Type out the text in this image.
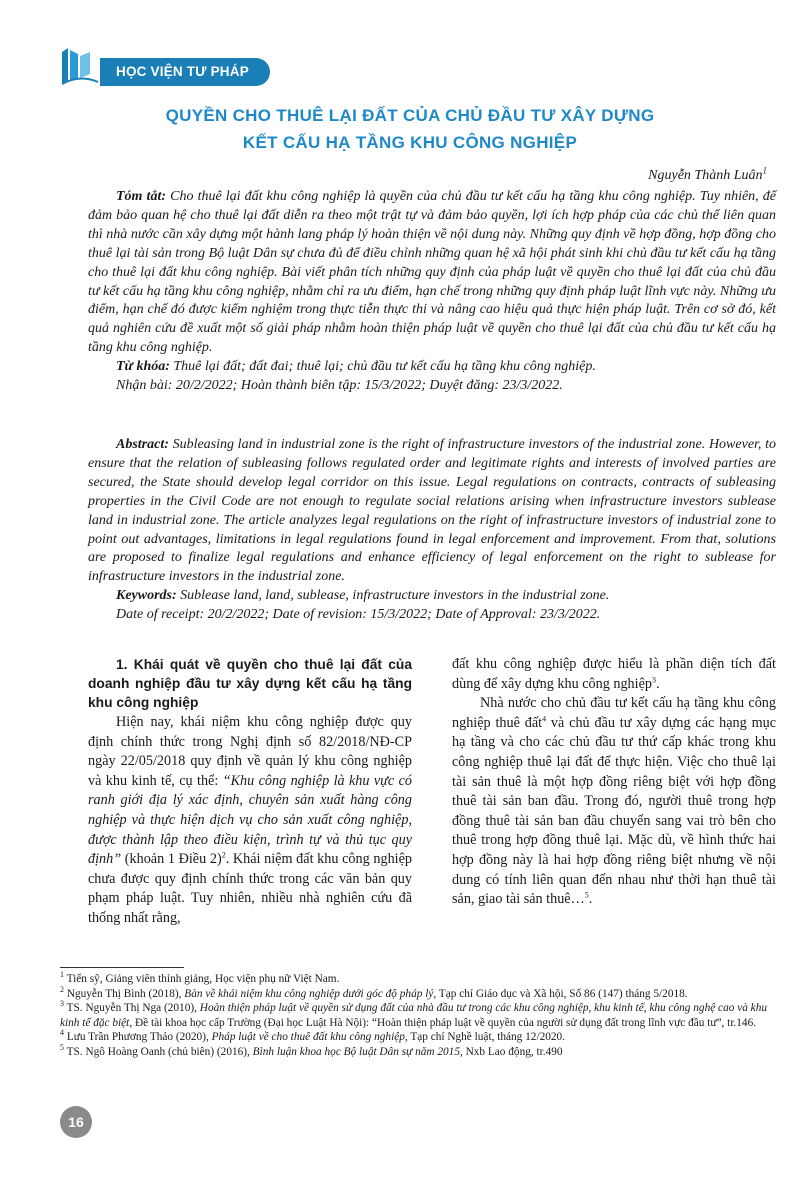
HỌC VIỆN TƯ PHÁP
QUYỀN CHO THUÊ LẠI ĐẤT CỦA CHỦ ĐẦU TƯ XÂY DỰNG
KẾT CẤU HẠ TẦNG KHU CÔNG NGHIỆP
Nguyễn Thành Luân$^1$

Tóm tắt: Cho thuê lại đất khu công nghiệp là quyền của chủ đầu tư kết cấu hạ tầng khu công nghiệp. Tuy nhiên, để đảm bảo quan hệ cho thuê lại đất diễn ra theo một trật tự và đảm bảo quyền, lợi ích hợp pháp của các chủ thể liên quan thì nhà nước cần xây dựng một hành lang pháp lý hoàn thiện về nội dung này. Những quy định về hợp đồng, hợp đồng cho thuê lại tài sản trong Bộ luật Dân sự chưa đủ để điều chỉnh những quan hệ xã hội phát sinh khi chủ đầu tư kết cấu hạ tầng cho thuê lại đất khu công nghiệp. Bài viết phân tích những quy định của pháp luật về quyền cho thuê lại đất của chủ đầu tư kết cấu hạ tầng khu công nghiệp, nhằm chỉ ra ưu điểm, hạn chế trong những quy định pháp luật lĩnh vực này. Những ưu điểm, hạn chế đó được kiểm nghiệm trong thực tiễn thực thi và nâng cao hiệu quả thực hiện pháp luật. Trên cơ sở đó, kết quả nghiên cứu đề xuất một số giải pháp nhằm hoàn thiện pháp luật về quyền cho thuê lại đất của chủ đầu tư kết cấu hạ tầng khu công nghiệp.

Từ khóa: Thuê lại đất; đất đai; thuê lại; chủ đầu tư kết cấu hạ tầng khu công nghiệp.

Nhận bài: 20/2/2022; Hoàn thành biên tập: 15/3/2022; Duyệt đăng: 23/3/2022.

Abstract: Subleasing land in industrial zone is the right of infrastructure investors of the industrial zone. However, to ensure that the relation of subleasing follows regulated order and legitimate rights and interests of involved parties are secured, the State should develop legal corridor on this issue. Legal regulations on contracts, contracts of subleasing properties in the Civil Code are not enough to regulate social relations arising when infrastructure investors sublease land in industrial zone. The article analyzes legal regulations on the right of infrastructure investors of industrial zone to point out advantages, limitations in legal regulations found in legal enforcement and improvement. From that, solutions are proposed to finalize legal regulations and enhance efficiency of legal enforcement on the right to sublease for infrastructure investors in the industrial zone.

Keywords: Sublease land, land, sublease, infrastructure investors in the industrial zone.

Date of receipt: 20/2/2022; Date of revision: 15/3/2022; Date of Approval: 23/3/2022.

1. Khái quát về quyền cho thuê lại đất của doanh nghiệp đầu tư xây dựng kết cấu hạ tầng khu công nghiệp

Hiện nay, khái niệm khu công nghiệp được quy định chính thức trong Nghị định số 82/2018/NĐ-CP ngày 22/05/2018 quy định về quản lý khu công nghiệp và khu kinh tế, cụ thể: “Khu công nghiệp là khu vực có ranh giới địa lý xác định, chuyên sản xuất hàng công nghiệp và thực hiện dịch vụ cho sản xuất công nghiệp, được thành lập theo điều kiện, trình tự và thủ tục quy định” (khoản 1 Điều 2)$^2$. Khái niệm đất khu công nghiệp chưa được quy định chính thức trong các văn bản quy phạm pháp luật. Tuy nhiên, nhiều nhà nghiên cứu đã thống nhất rằng,

đất khu công nghiệp được hiểu là phần diện tích đất dùng để xây dựng khu công nghiệp$^3$.

Nhà nước cho chủ đầu tư kết cấu hạ tầng khu công nghiệp thuê đất$^4$ và chủ đầu tư xây dựng các hạng mục hạ tầng và cho các chủ đầu tư thứ cấp khác trong khu công nghiệp thuê lại đất để thực hiện. Việc cho thuê lại tài sản thuê là một hợp đồng riêng biệt với hợp đồng thuê tài sản ban đầu. Trong đó, người thuê trong hợp đồng thuê tài sản ban đầu chuyển sang vai trò bên cho thuê trong hợp đồng thuê lại. Mặc dù, về hình thức hai hợp đồng này là hai hợp đồng riêng biệt nhưng về nội dung có tính liên quan đến nhau như thời hạn thuê tài sản, giao tài sản thuê…$^5$.

$^1$ Tiến sỹ, Giảng viên thỉnh giảng, Học viện phụ nữ Việt Nam.

$^2$ Nguyễn Thị Bình (2018), Bàn về khái niệm khu công nghiệp dưới góc độ pháp lý, Tạp chí Giáo dục và Xã hội, Số 86 (147) tháng 5/2018.

$^3$ TS. Nguyễn Thị Nga (2010), Hoàn thiện pháp luật về quyền sử dụng đất của nhà đầu tư trong các khu công nghiệp, khu kinh tế, khu công nghệ cao và khu kinh tế đặc biệt, Đề tài khoa học cấp Trường (Đại học Luật Hà Nội): “Hoàn thiện pháp luật về quyền của người sử dụng đất trong lĩnh vực đầu tư”, tr.146.

$^4$ Lưu Trần Phương Thảo (2020), Pháp luật về cho thuê đất khu công nghiệp, Tạp chí Nghề luật, tháng 12/2020.

$^5$ TS. Ngô Hoàng Oanh (chủ biên) (2016), Bình luận khoa học Bộ luật Dân sự năm 2015, Nxb Lao động, tr.490

16
